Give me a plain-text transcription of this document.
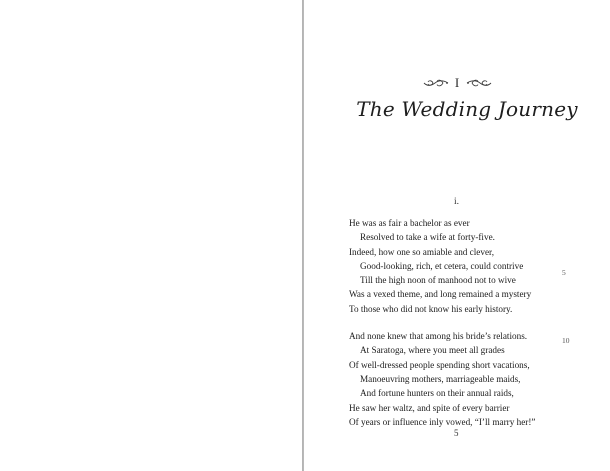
I
The Wedding Journey
i.
He was as fair a bachelor as ever
Resolved to take a wife at forty-five.
Indeed, how one so amiable and clever,
Good-looking, rich, et cetera, could contrive
Till the high noon of manhood not to wive
Was a vexed theme, and long remained a mystery
To those who did not know his early history.
And none knew that among his bride’s relations.
At Saratoga, where you meet all grades
Of well-dressed people spending short vacations,
Manoeuvring mothers, marriageable maids,
And fortune hunters on their annual raids,
He saw her waltz, and spite of every barrier
Of years or influence inly vowed, “I’ll marry her!”
5
10
5
